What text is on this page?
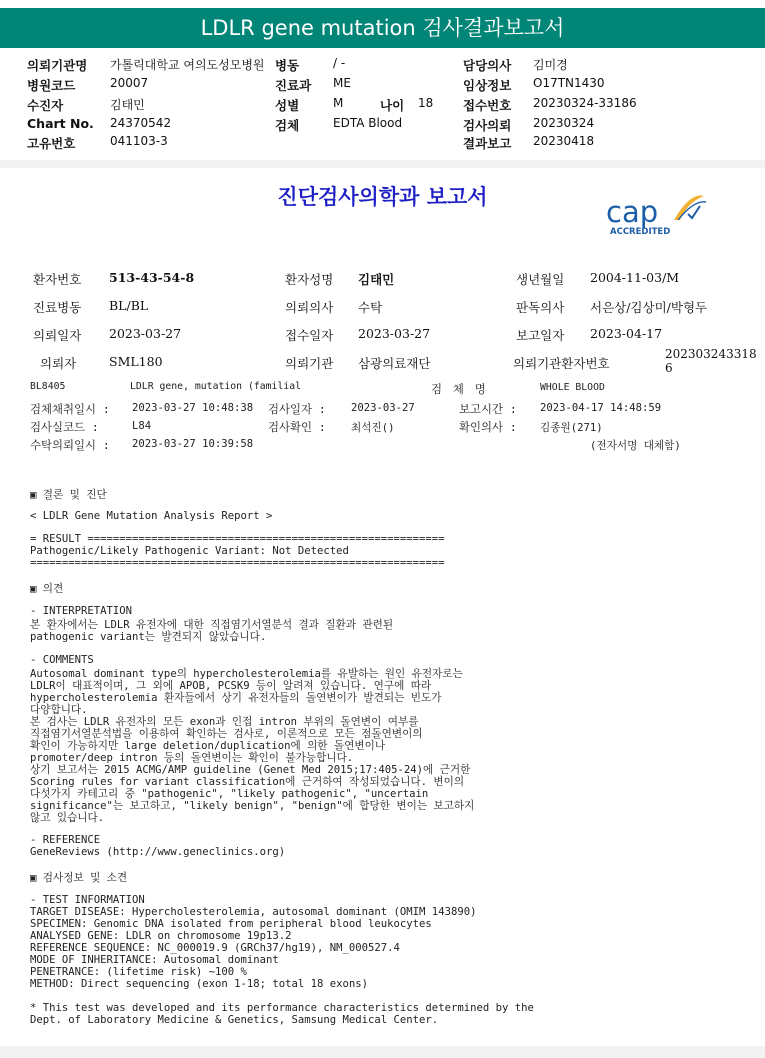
LDLR gene mutation 검사결과보고서
의뢰기관명 가톨릭대학교 여의도성모병원 병동	/ -	담당의사 김미경
병원코드	20007	진료과 ME	임상정보 O17TN1430
수진자	김태민	성별	M	나이 18 접수번호 20230324-33186
Chart No. 24370542	검체	EDTA Blood	검사의뢰 20230324
고유번호	041103-3	결과보고 20230418
진단검사의학과 보고서	cap
ACCREDITED
환자번호 513-43-54-8	환자성명 김태민	생년월일 2004-11-03/M
진료병동 BL/BL	의뢰의사 수탁	판독의사 서은상/김상미/박형두
의뢰일자 2023-03-27	접수일자 2023-03-27	보고일자 2023-04-17
의뢰자	SML180	의뢰기관 삼광의료재단	의뢰기관환자번호
202303243318
6
BL8405	LDLR gene, mutation (familial	검 체 명	WHOLE BLOOD
검체채취일시 : 2023-03-27 10:48:38 검사일자 : 2023-03-27	보고시간 : 2023-04-17 14:48:59
검사실코드 :	L84	검사확인 : 최석진()	확인의사 : 김종원(271)
수탁의뢰일시 : 2023-03-27 10:39:58	(전자서명 대체함)
▣ 결론 및 진단
< LDLR Gene Mutation Analysis Report >
= RESULT ========================================================
Pathogenic/Likely Pathogenic Variant: Not Detected
=================================================================
▣ 의견
- INTERPRETATION
본 환자에서는 LDLR 유전자에 대한 직접염기서열분석 결과 질환과 관련된
pathogenic variant는 발견되지 않았습니다.
- COMMENTS
Autosomal dominant type의 hypercholesterolemia를 유발하는 원인 유전자로는
LDLR이 대표적이며, 그 외에 APOB, PCSK9 등이 알려져 있습니다. 연구에 따라
hypercholesterolemia 환자들에서 상기 유전자들의 돌연변이가 발견되는 빈도가
다양합니다.
본 검사는 LDLR 유전자의 모든 exon과 인접 intron 부위의 돌연변이 여부를
직접염기서열분석법을 이용하여 확인하는 검사로, 이론적으로 모든 점돌연변이의
확인이 가능하지만 large deletion/duplication에 의한 돌연변이나
promoter/deep intron 등의 돌연변이는 확인이 불가능합니다.
상기 보고서는 2015 ACMG/AMP guideline (Genet Med 2015;17:405-24)에 근거한
Scoring rules for variant classification에 근거하여 작성되었습니다. 변이의
다섯가지 카테고리 중 "pathogenic", "likely pathogenic", "uncertain
significance"는 보고하고, "likely benign", "benign"에 합당한 변이는 보고하지
않고 있습니다.
- REFERENCE
GeneReviews (http://www.geneclinics.org)
▣ 검사정보 및 소견
- TEST INFORMATION
TARGET DISEASE: Hypercholesterolemia, autosomal dominant (OMIM 143890)
SPECIMEN: Genomic DNA isolated from peripheral blood leukocytes
ANALYSED GENE: LDLR on chromosome 19p13.2
REFERENCE SEQUENCE: NC_000019.9 (GRCh37/hg19), NM_000527.4
MODE OF INHERITANCE: Autosomal dominant
PENETRANCE: (lifetime risk) ~100 %
METHOD: Direct sequencing (exon 1-18; total 18 exons)
* This test was developed and its performance characteristics determined by the
Dept. of Laboratory Medicine & Genetics, Samsung Medical Center.
